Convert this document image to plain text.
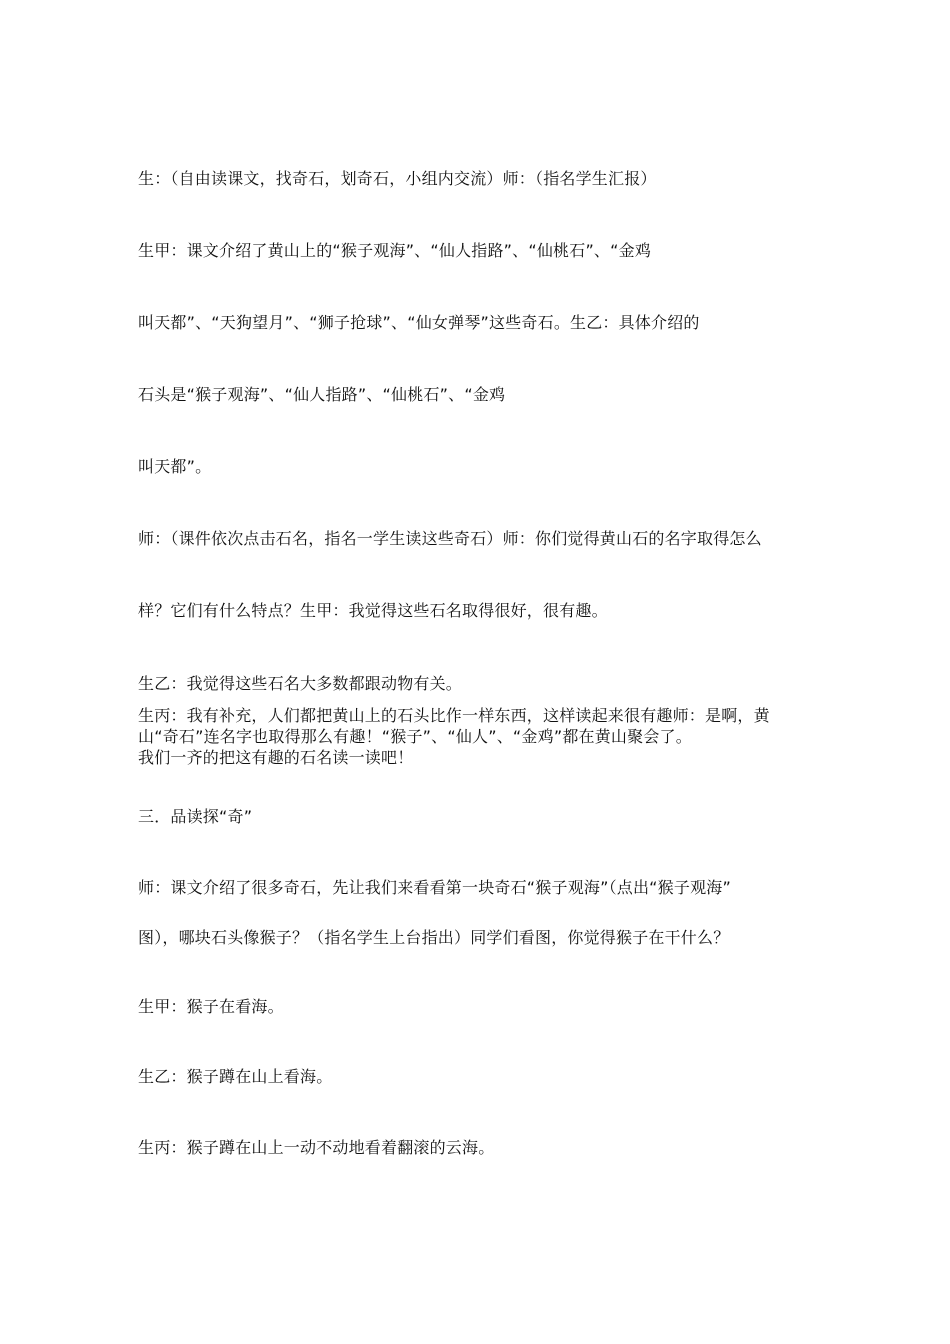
生：（自由读课文，找奇石，划奇石，小组内交流）师：（指名学生汇报）
生甲：课文介绍了黄山上的“猴子观海”、“仙人指路”、“仙桃石”、“金鸡
叫天都”、“天狗望月”、“狮子抢球”、“仙女弹琴”这些奇石。生乙：具体介绍的
石头是“猴子观海”、“仙人指路”、“仙桃石”、“金鸡
叫天都”。
师：（课件依次点击石名，指名一学生读这些奇石）师：你们觉得黄山石的名字取得怎么
样？它们有什么特点？生甲：我觉得这些石名取得很好，很有趣。
生乙：我觉得这些石名大多数都跟动物有关。
生丙：我有补充，人们都把黄山上的石头比作一样东西，这样读起来很有趣师：是啊，黄
山“奇石”连名字也取得那么有趣！“猴子”、“仙人”、“金鸡”都在黄山聚会了。
我们一齐的把这有趣的石名读一读吧！
三．品读探“奇”
师：课文介绍了很多奇石，先让我们来看看第一块奇石“猴子观海”（点出“猴子观海”
图），哪块石头像猴子？（指名学生上台指出）同学们看图，你觉得猴子在干什么？
生甲：猴子在看海。
生乙：猴子蹲在山上看海。
生丙：猴子蹲在山上一动不动地看着翻滚的云海。
